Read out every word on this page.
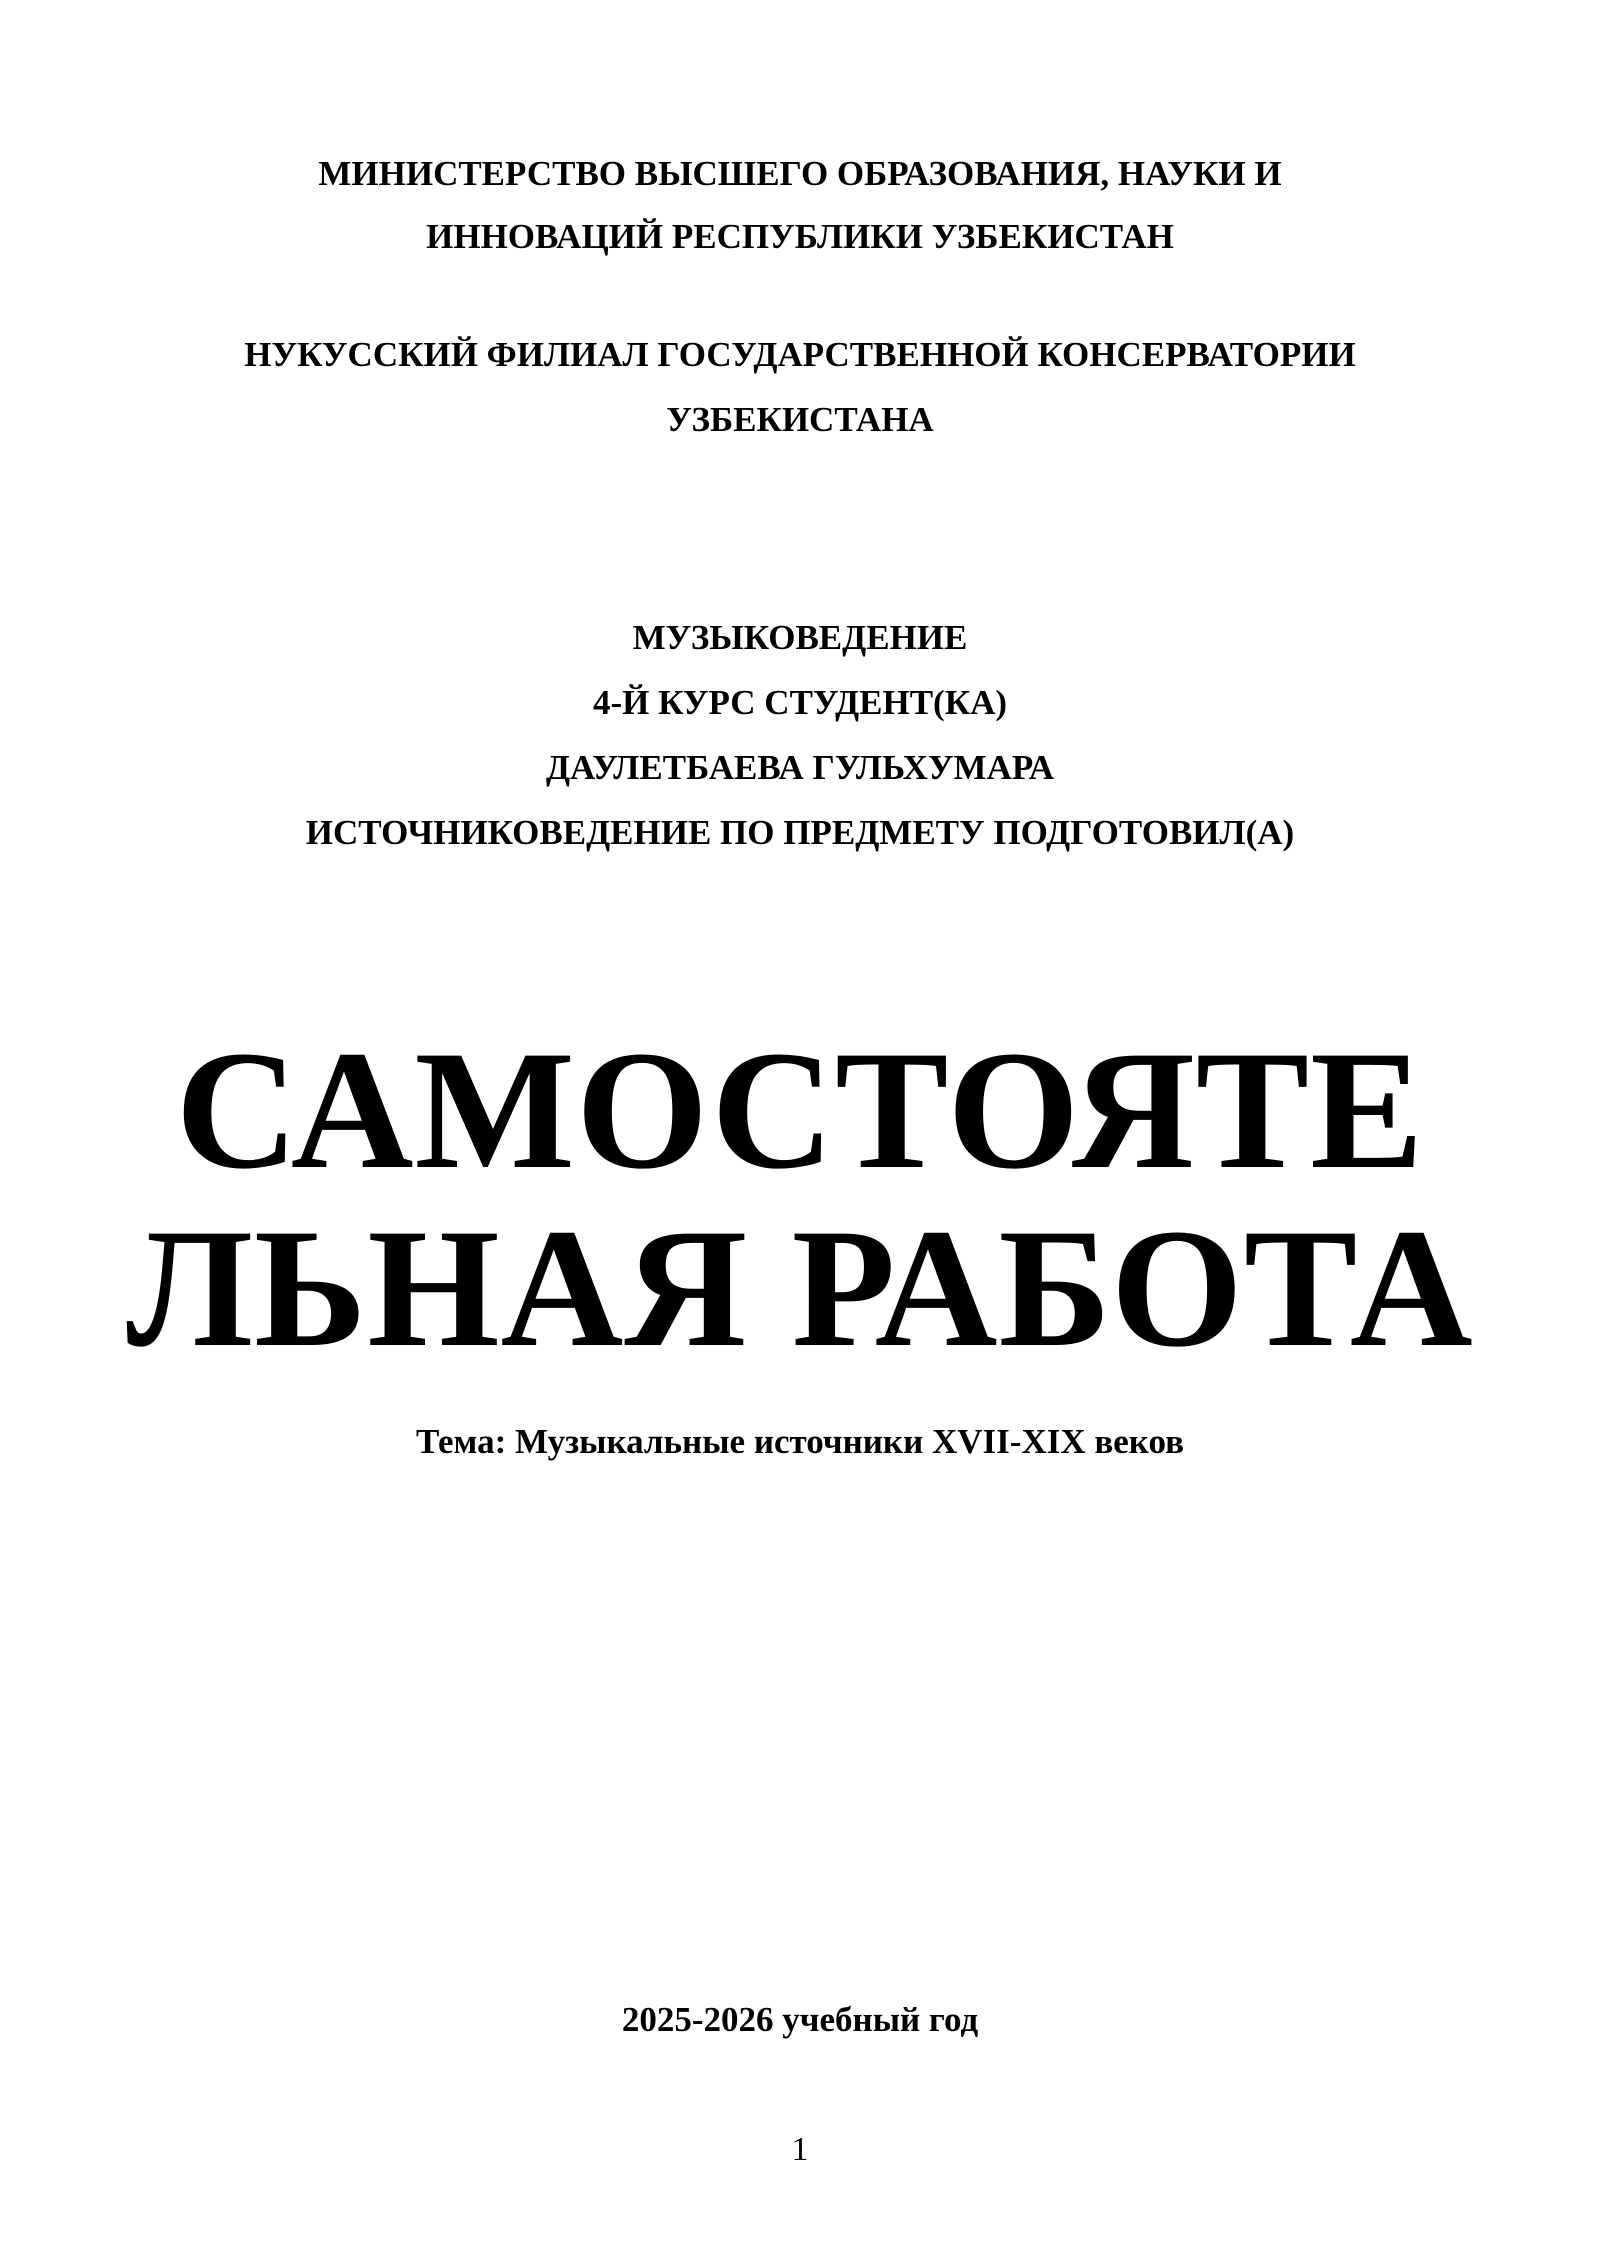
МИНИСТЕРСТВО ВЫСШЕГО ОБРАЗОВАНИЯ, НАУКИ И
ИННОВАЦИЙ РЕСПУБЛИКИ УЗБЕКИСТАН
НУКУССКИЙ ФИЛИАЛ ГОСУДАРСТВЕННОЙ КОНСЕРВАТОРИИ
УЗБЕКИСТАНА
МУЗЫКОВЕДЕНИЕ
4-Й КУРС СТУДЕНТ(КА)
ДАУЛЕТБАЕВА ГУЛЬХУМАРА
ИСТОЧНИКОВЕДЕНИЕ ПО ПРЕДМЕТУ ПОДГОТОВИЛ(А)
САМОСТОЯТЕ
ЛЬНАЯ РАБОТА
Тема: Музыкальные источники XVII-XIX веков
2025-2026 учебный год
1
